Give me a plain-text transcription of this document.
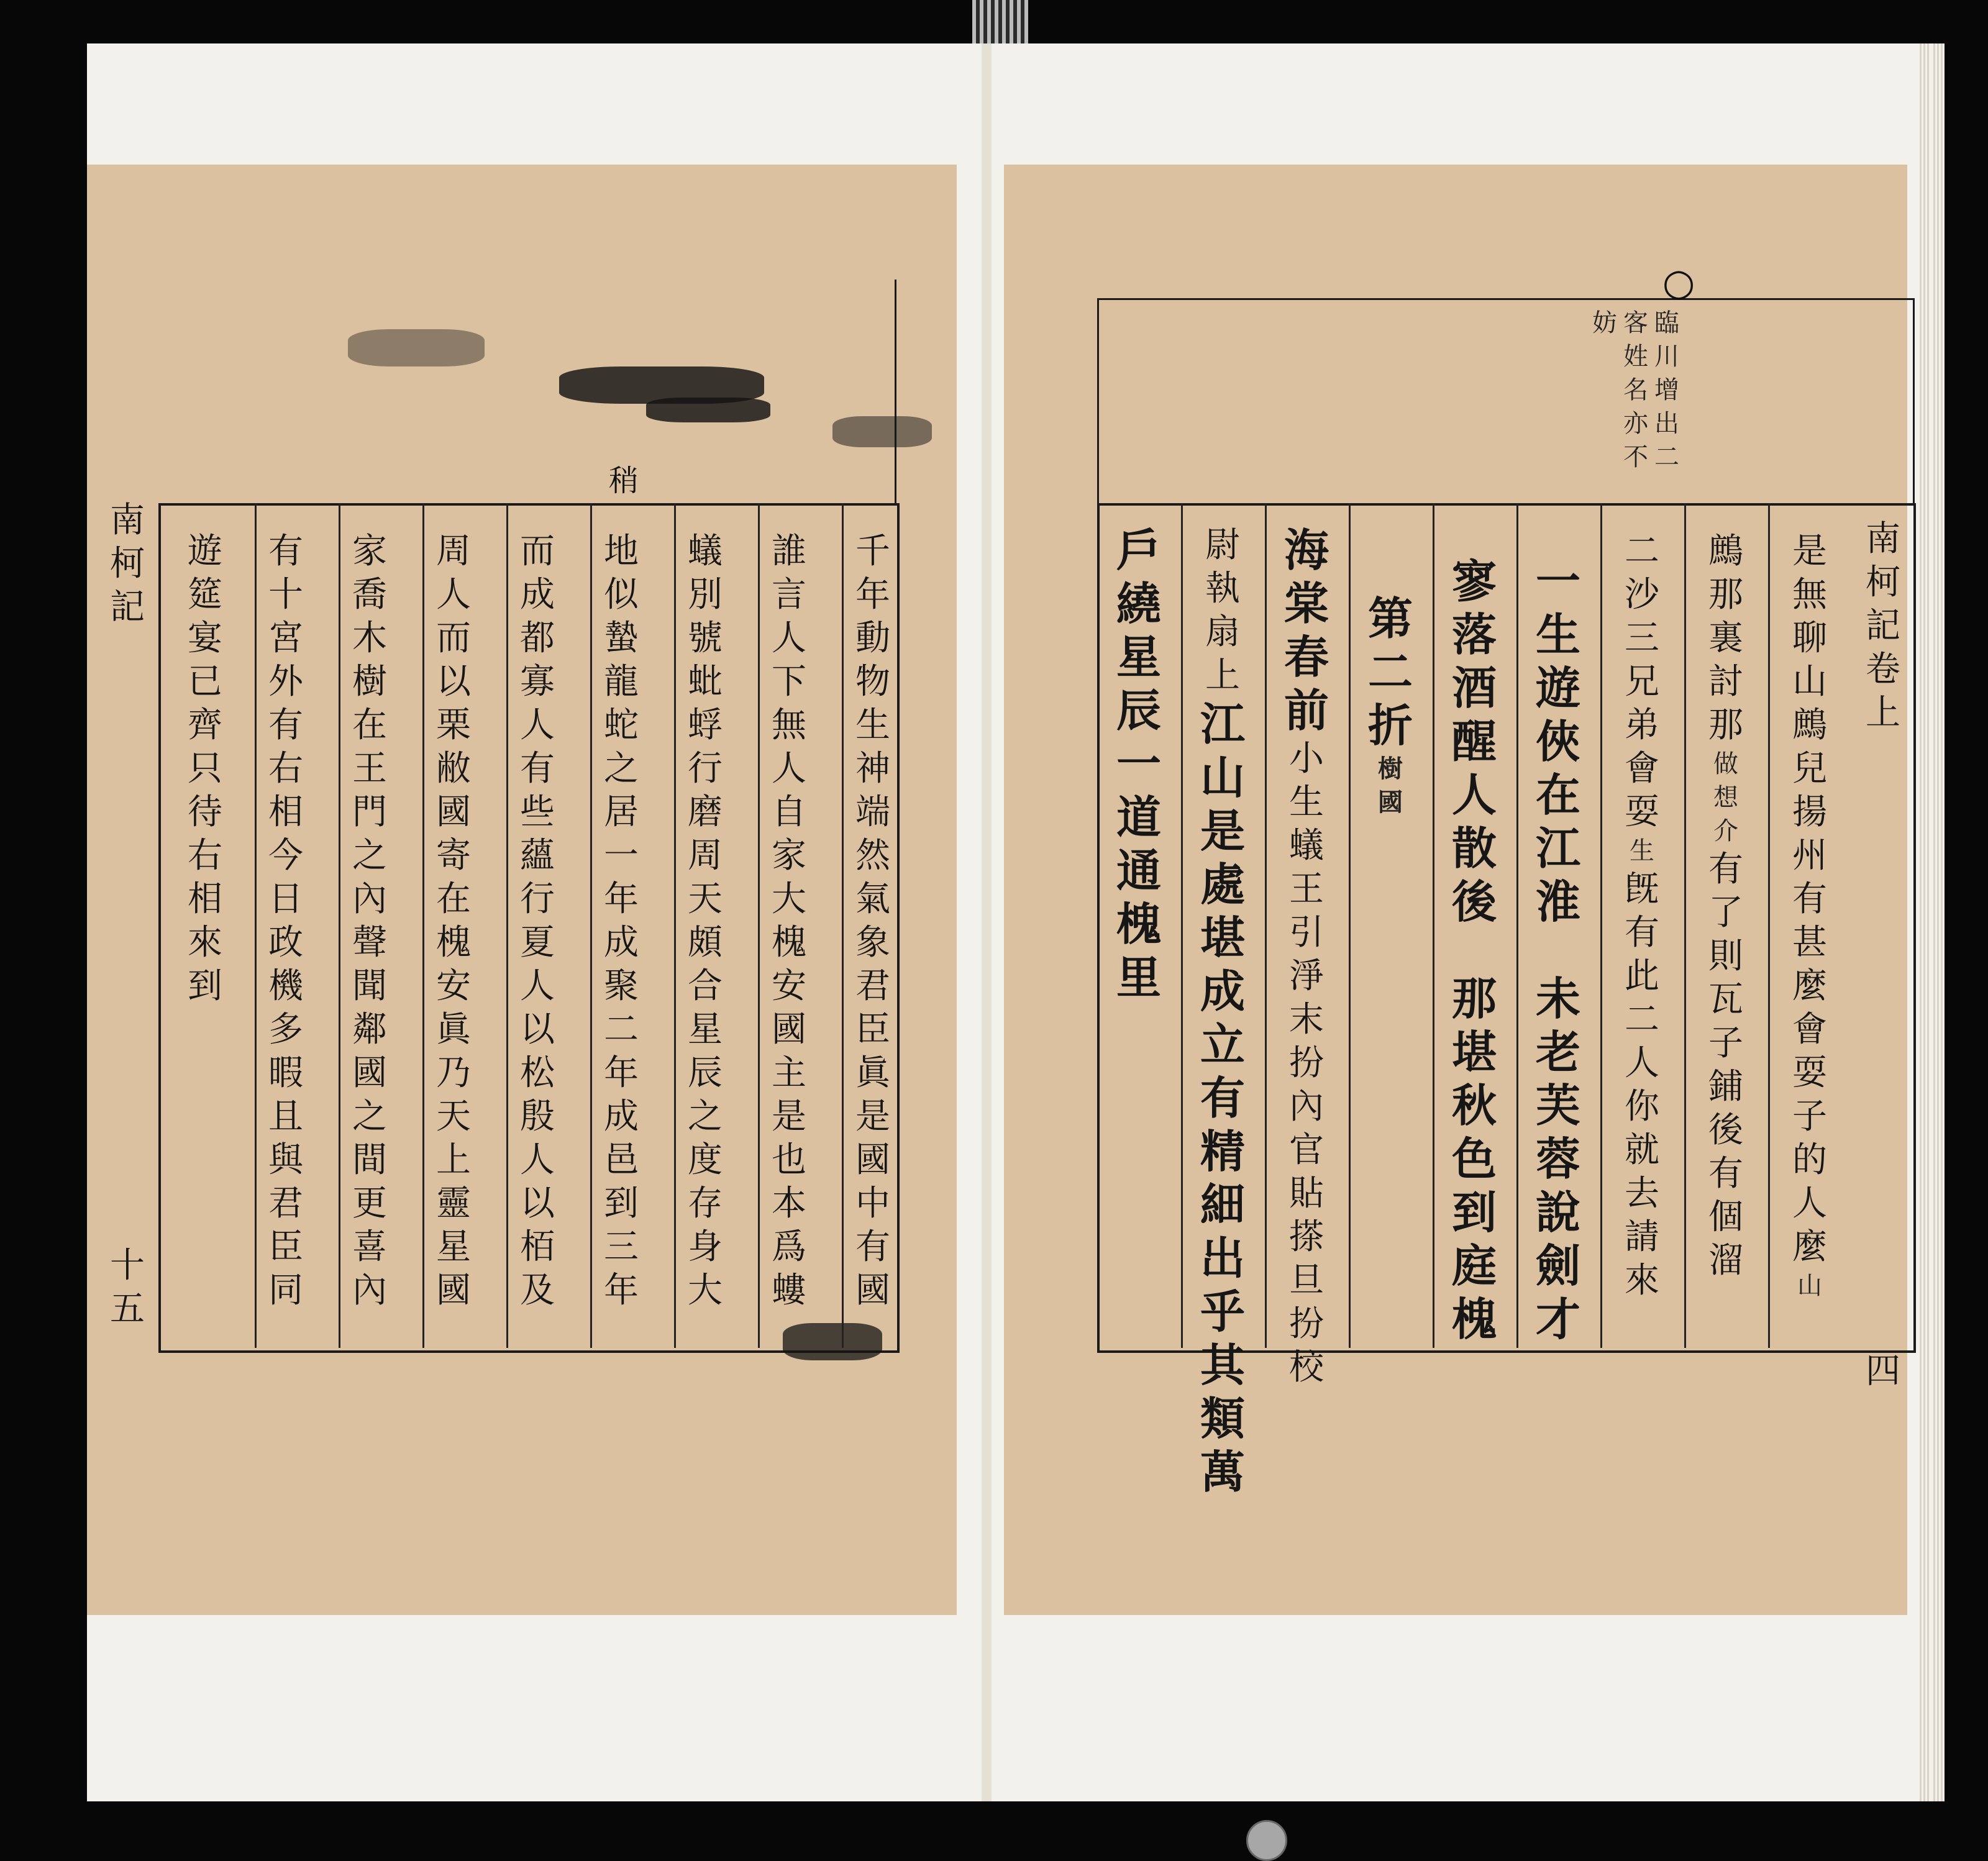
稍
南
柯
記
十
五
千
年
動
物
生
神
端
然
氣
象
君
臣
眞
是
國
中
有
國
誰
言
人
下
無
人
自
家
大
槐
安
國
主
是
也
本
爲
螻
蟻
別
號
蚍
蜉
行
磨
周
天
頗
合
星
辰
之
度
存
身
大
地
似
蟄
龍
蛇
之
居
一
年
成
聚
二
年
成
邑
到
三
年
而
成
都
寡
人
有
些
蘊
行
夏
人
以
松
殷
人
以
栢
及
周
人
而
以
栗
敝
國
寄
在
槐
安
眞
乃
天
上
靈
星
國
家
喬
木
樹
在
王
門
之
內
聲
聞
鄰
國
之
間
更
喜
內
有
十
宮
外
有
右
相
今
日
政
機
多
暇
且
與
君
臣
同
遊
筵
宴
已
齊
只
待
右
相
來
到
○
臨
川
增
出
二
客
姓
名
亦
不
妨
南
柯
記
卷
上
四
是
無
聊
山
鷓
兒
揚
州
有
甚
麼
會
耍
子
的
人
麼
山
鷓
那
裏
討
那
做
想
介
有
了
則
瓦
子
鋪
後
有
個
溜
二
沙
三
兄
弟
會
耍
生
旣
有
此
二
人
你
就
去
請
來
一
生
遊
俠
在
江
淮
未
老
芙
蓉
說
劍
才
寥
落
酒
醒
人
散
後
那
堪
秋
色
到
庭
槐
第
二
折
樹
國
海
棠
春
前
小
生
蟻
王
引
淨
末
扮
內
官
貼
搽
旦
扮
校
尉
執
扇
上
江
山
是
處
堪
成
立
有
精
細
出
乎
其
類
萬
戶
繞
星
辰
一
道
通
槐
里
